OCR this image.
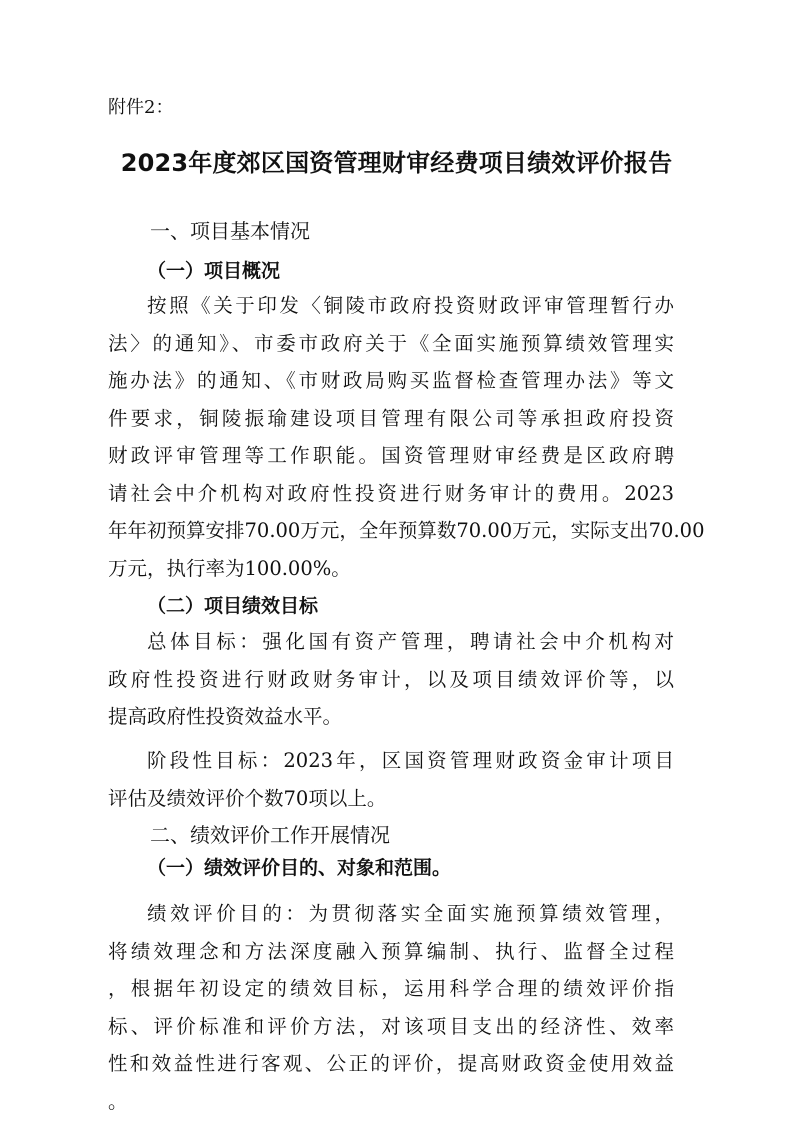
附件2：
2023年度郊区国资管理财审经费项目绩效评价报告
一、项目基本情况
（一）项目概况
按照《关于印发〈铜陵市政府投资财政评审管理暂行办
法〉的通知》、市委市政府关于《全面实施预算绩效管理实
施办法》的通知、《市财政局购买监督检查管理办法》等文
件要求，铜陵振瑜建设项目管理有限公司等承担政府投资
财政评审管理等工作职能。国资管理财审经费是区政府聘
请社会中介机构对政府性投资进行财务审计的费用。2023
年年初预算安排70.00万元，全年预算数70.00万元，实际支出70.00
万元，执行率为100.00%。
（二）项目绩效目标
总体目标：强化国有资产管理，聘请社会中介机构对
政府性投资进行财政财务审计，以及项目绩效评价等，以
提高政府性投资效益水平。
阶段性目标：2023年，区国资管理财政资金审计项目
评估及绩效评价个数70项以上。
二、绩效评价工作开展情况
（一）绩效评价目的、对象和范围。
绩效评价目的：为贯彻落实全面实施预算绩效管理，
将绩效理念和方法深度融入预算编制、执行、监督全过程
，根据年初设定的绩效目标，运用科学合理的绩效评价指
标、评价标准和评价方法，对该项目支出的经济性、效率
性和效益性进行客观、公正的评价，提高财政资金使用效益
。
